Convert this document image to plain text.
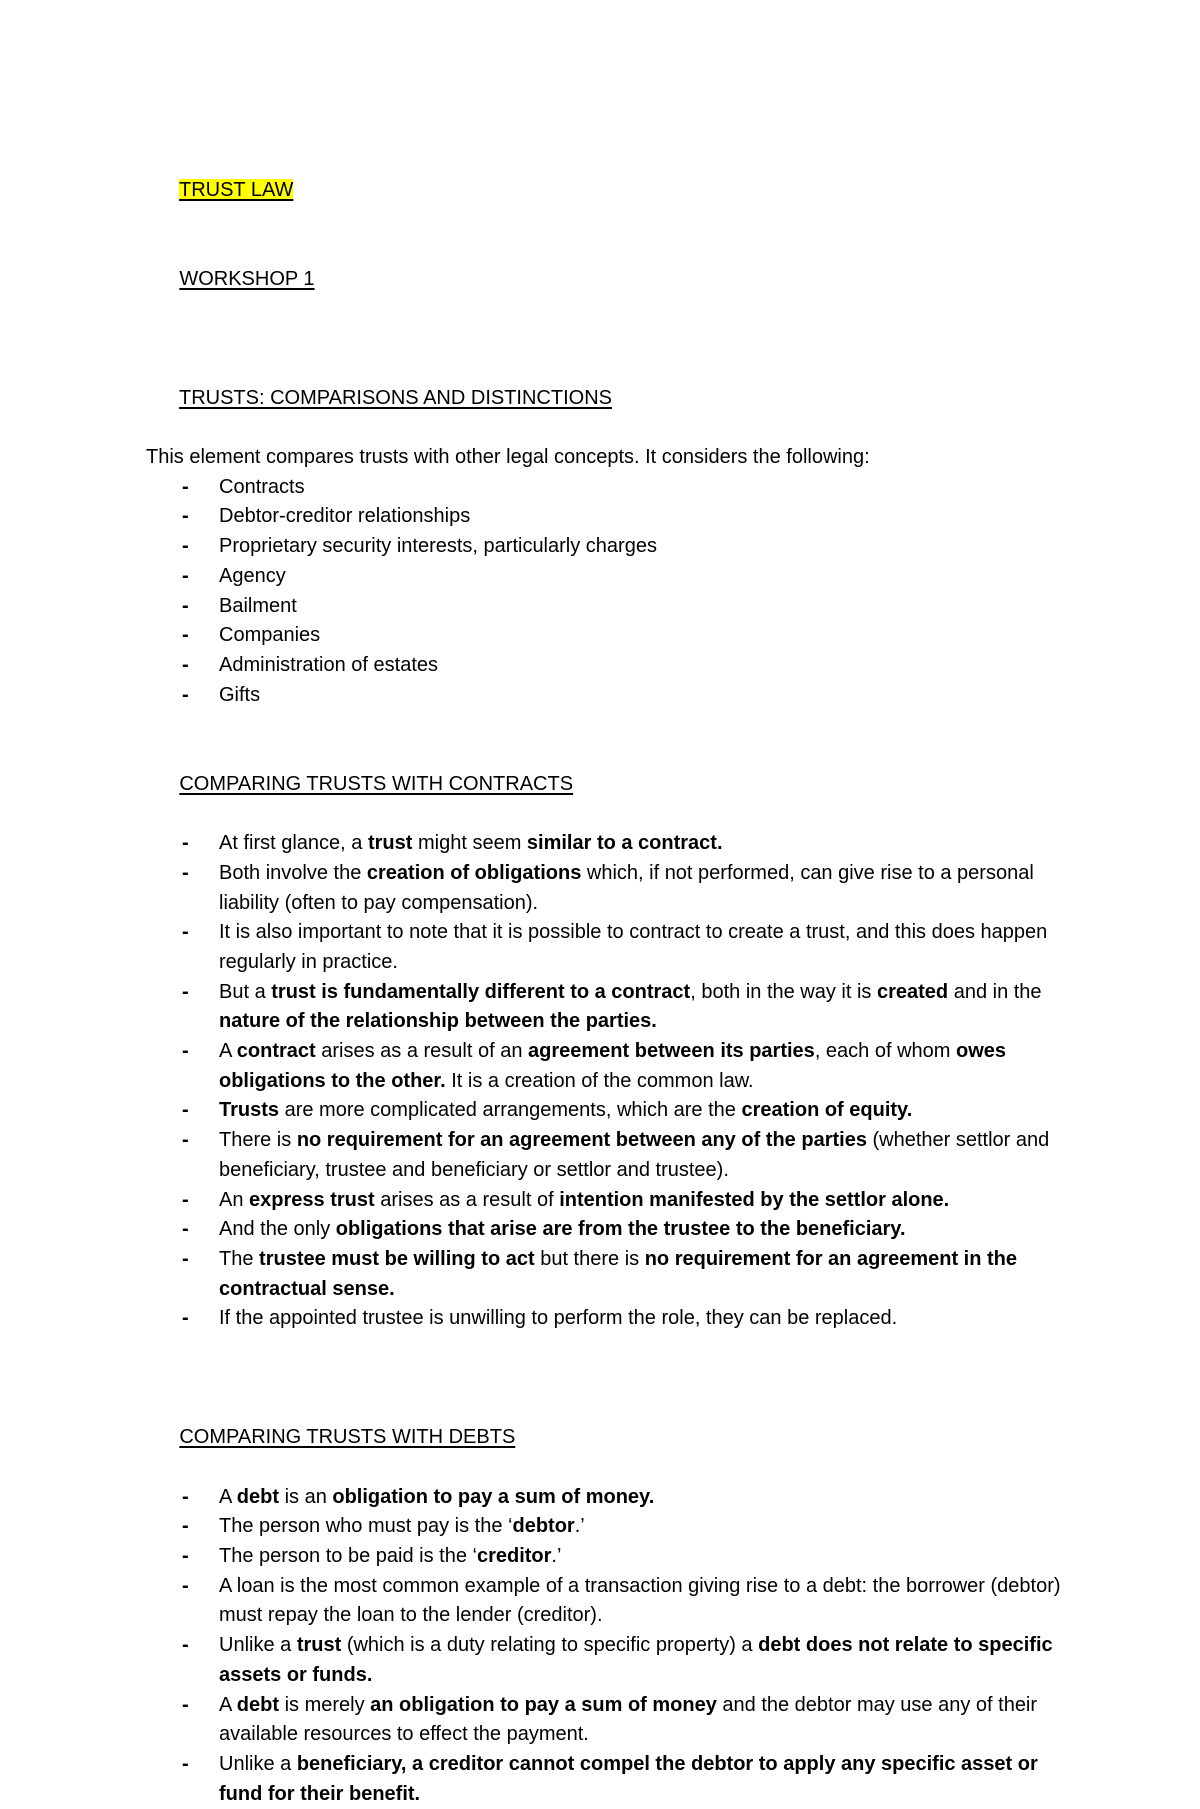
TRUST LAW

WORKSHOP 1

TRUSTS: COMPARISONS AND DISTINCTIONS

This element compares trusts with other legal concepts. It considers the following:
- Contracts
- Debtor-creditor relationships
- Proprietary security interests, particularly charges
- Agency
- Bailment
- Companies
- Administration of estates
- Gifts

COMPARING TRUSTS WITH CONTRACTS

- At first glance, a trust might seem similar to a contract.
- Both involve the creation of obligations which, if not performed, can give rise to a personal liability (often to pay compensation).
- It is also important to note that it is possible to contract to create a trust, and this does happen regularly in practice.
- But a trust is fundamentally different to a contract, both in the way it is created and in the nature of the relationship between the parties.
- A contract arises as a result of an agreement between its parties, each of whom owes obligations to the other. It is a creation of the common law.
- Trusts are more complicated arrangements, which are the creation of equity.
- There is no requirement for an agreement between any of the parties (whether settlor and beneficiary, trustee and beneficiary or settlor and trustee).
- An express trust arises as a result of intention manifested by the settlor alone.
- And the only obligations that arise are from the trustee to the beneficiary.
- The trustee must be willing to act but there is no requirement for an agreement in the contractual sense.
- If the appointed trustee is unwilling to perform the role, they can be replaced.

COMPARING TRUSTS WITH DEBTS

- A debt is an obligation to pay a sum of money.
- The person who must pay is the ‘debtor.’
- The person to be paid is the ‘creditor.’
- A loan is the most common example of a transaction giving rise to a debt: the borrower (debtor) must repay the loan to the lender (creditor).
- Unlike a trust (which is a duty relating to specific property) a debt does not relate to specific assets or funds.
- A debt is merely an obligation to pay a sum of money and the debtor may use any of their available resources to effect the payment.
- Unlike a beneficiary, a creditor cannot compel the debtor to apply any specific asset or fund for their benefit.
